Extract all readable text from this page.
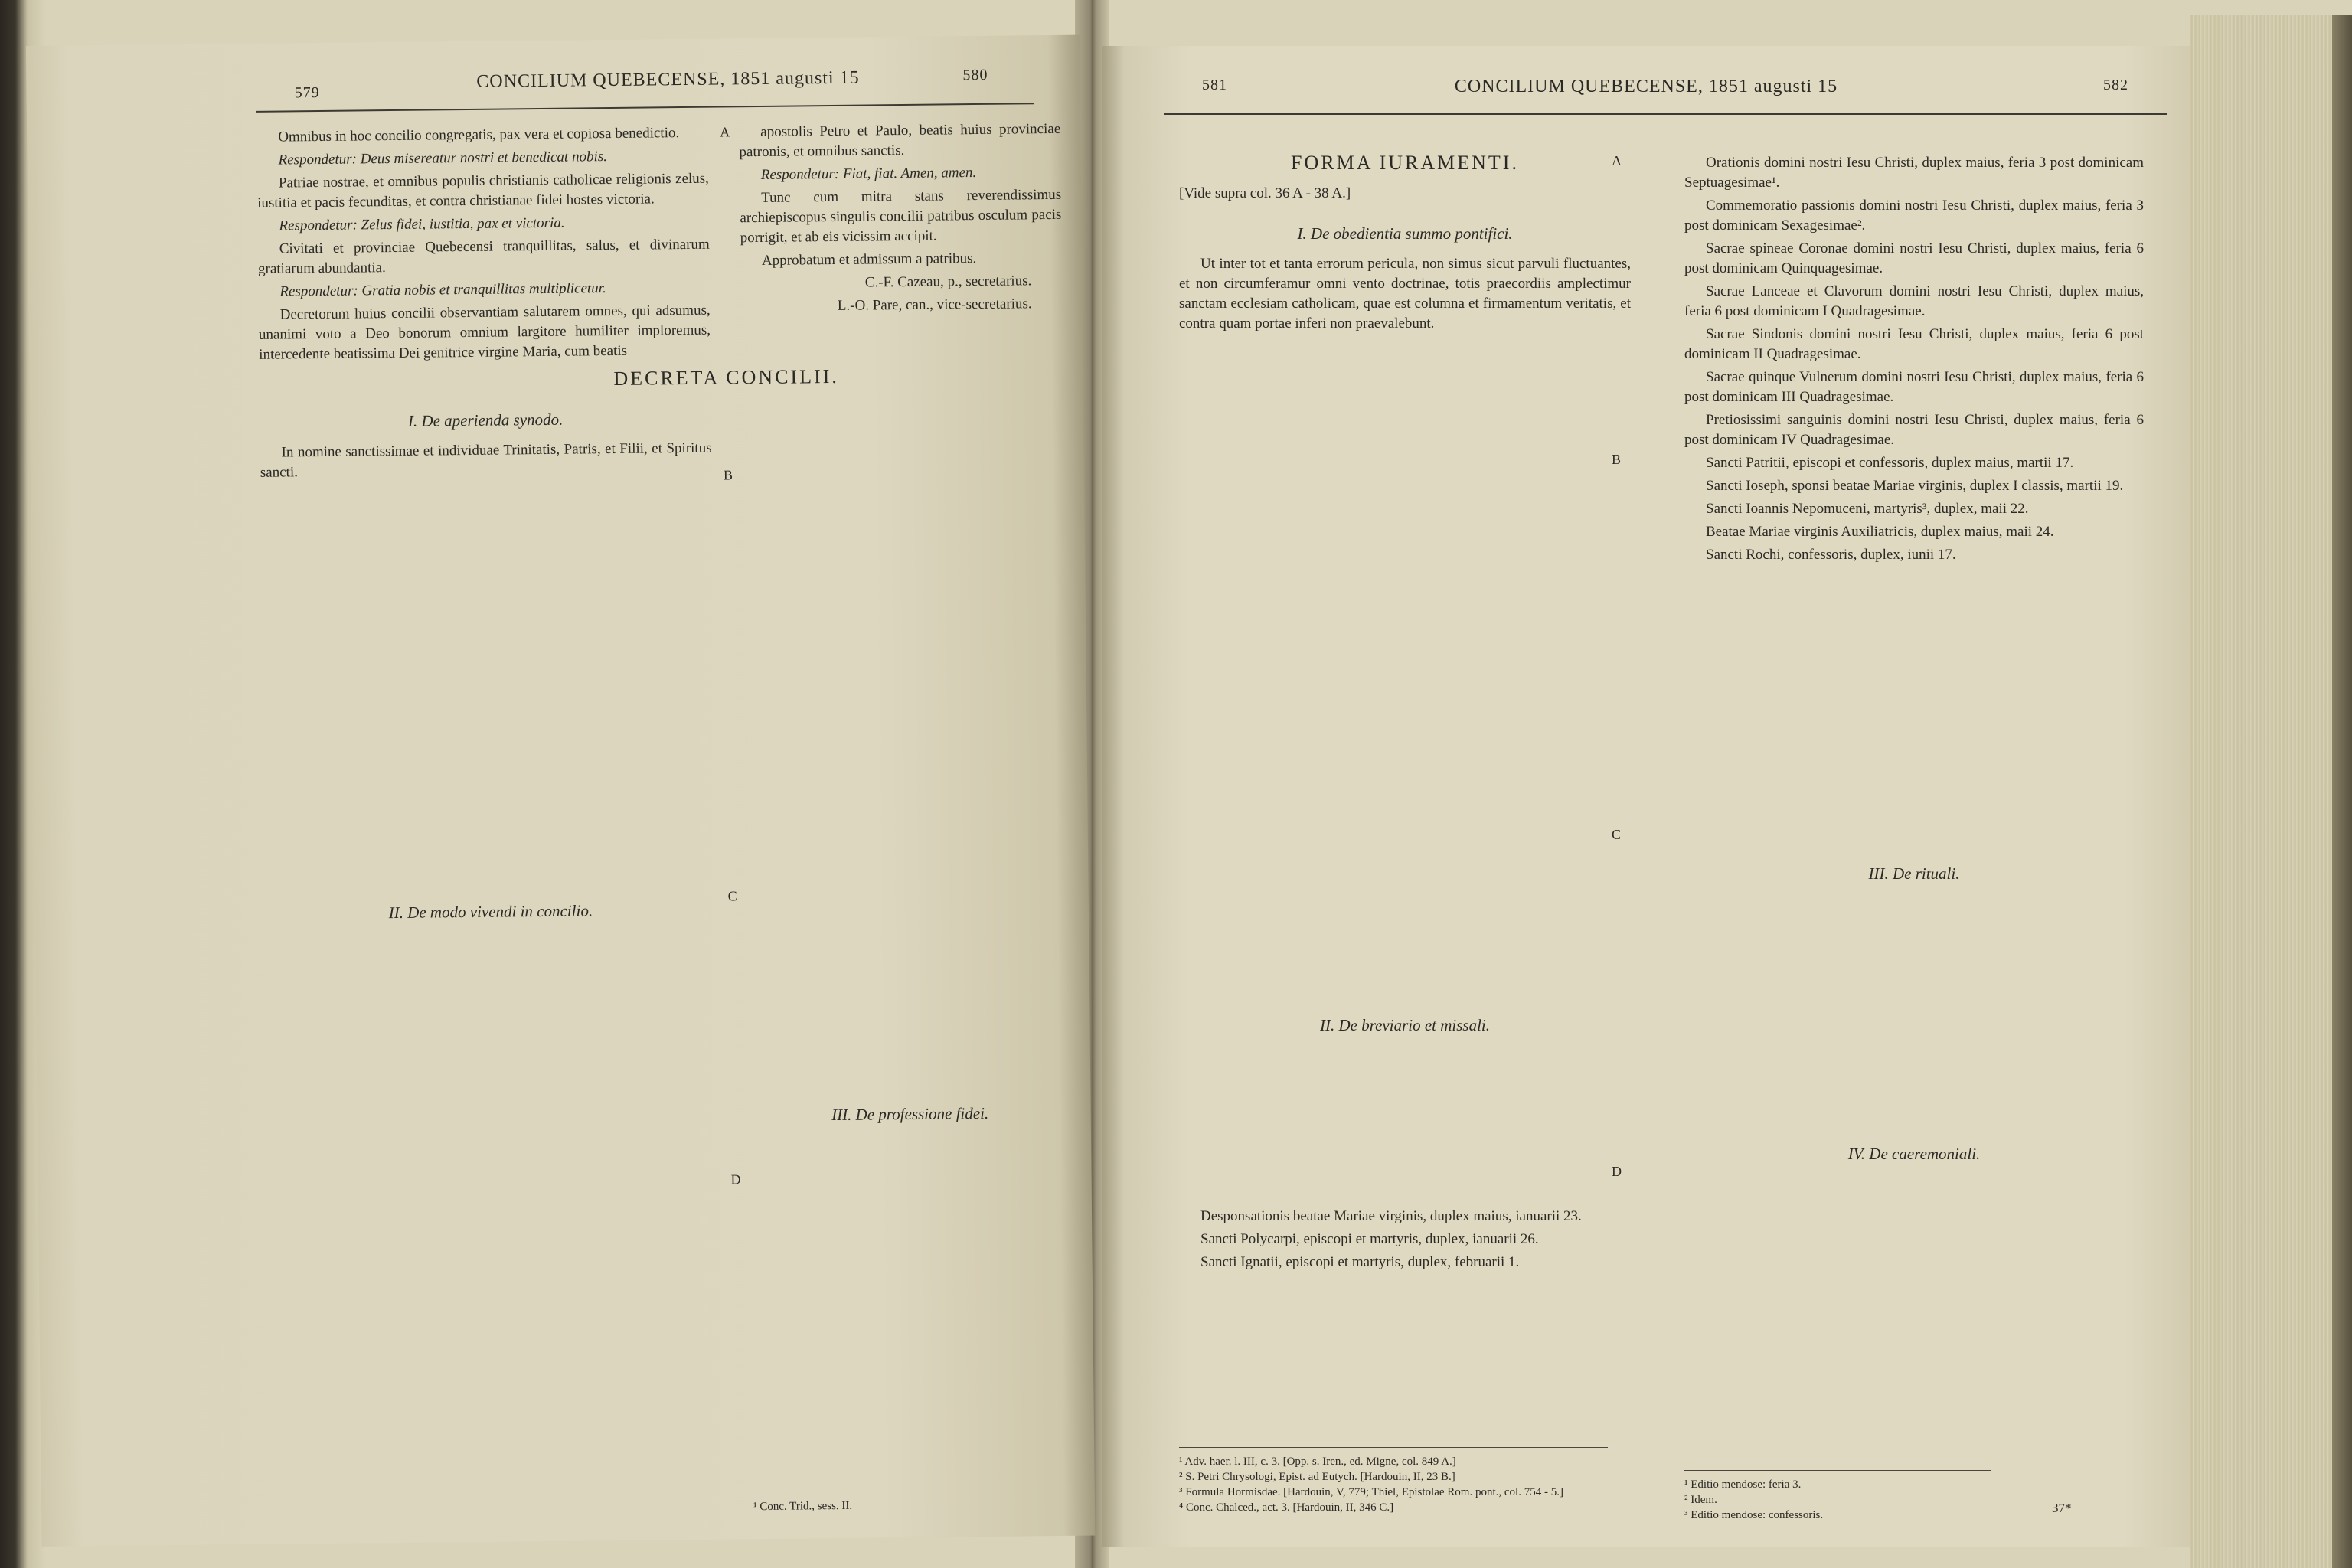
579
CONCILIUM QUEBECENSE, 1851 augusti 15	580

Omnibus in hoc concilio congregatis, pax vera et copiosa benedictio.

Respondetur: Deus misereatur nostri et benedicat nobis.

Patriae nostrae, et omnibus populis christianis catholicae religionis zelus, iustitia et pacis fecunditas, et contra christianae fidei hostes victoria.

Respondetur: Zelus fidei, iustitia, pax et victoria.

Civitati et provinciae Quebecensi tranquillitas, salus, et divinarum gratiarum abundantia.

Respondetur: Gratia nobis et tranquillitas multiplicetur.

Decretorum huius concilii observantiam salutarem omnes, qui adsumus, unanimi voto a Deo bonorum omnium largitore humiliter imploremus, intercedente beatissima Dei genitrice virgine Maria, cum beatis

DECRETA CONCILII.
I. De aperienda synodo.

In nomine sanctissimae et individuae Trinitatis, Patris, et Filii, et Spiritus sancti.

II. De modo vivendi in concilio.

apostolis Petro et Paulo, beatis huius provinciae patronis, et omnibus sanctis.

Respondetur: Fiat, fiat. Amen, amen.

Tunc cum mitra stans reverendissimus archiepiscopus singulis concilii patribus osculum pacis porrigit, et ab eis vicissim accipit.

Approbatum et admissum a patribus.

C.-F. Cazeau, p., secretarius.

L.-O. Pare, can., vice-secretarius.

III. De professione fidei.
¹ Conc. Trid., sess. II.
A
B
C
D
581	CONCILIUM QUEBECENSE, 1851 augusti 15	582
FORMA IURAMENTI.

[Vide supra col. 36 A - 38 A.]

I. De obedientia summo pontifici.

Ut inter tot et tanta errorum pericula, non simus sicut parvuli fluctuantes, et non circumferamur omni vento doctrinae, totis praecordiis amplectimur sanctam ecclesiam catholicam, quae est columna et firmamentum veritatis, et contra quam portae inferi non praevalebunt.

II. De breviario et missali.

Desponsationis beatae Mariae virginis, duplex maius, ianuarii 23.

Sancti Polycarpi, episcopi et martyris, duplex, ianuarii 26.

Sancti Ignatii, episcopi et martyris, duplex, februarii 1.

¹ Adv. haer. l. III, c. 3. [Opp. s. Iren., ed. Migne, col. 849 A.]
² S. Petri Chrysologi, Epist. ad Eutych. [Hardouin, II, 23 B.]
³ Formula Hormisdae. [Hardouin, V, 779; Thiel, Epistolae Rom. pont., col. 754 - 5.]
⁴ Conc. Chalced., act. 3. [Hardouin, II, 346 C.]

Orationis domini nostri Iesu Christi, duplex maius, feria 3 post dominicam Septuagesimae¹.

Commemoratio passionis domini nostri Iesu Christi, duplex maius, feria 3 post dominicam Sexagesimae².

Sacrae spineae Coronae domini nostri Iesu Christi, duplex maius, feria 6 post dominicam Quinquagesimae.

Sacrae Lanceae et Clavorum domini nostri Iesu Christi, duplex maius, feria 6 post dominicam I Quadragesimae.

Sacrae Sindonis domini nostri Iesu Christi, duplex maius, feria 6 post dominicam II Quadragesimae.

Sacrae quinque Vulnerum domini nostri Iesu Christi, duplex maius, feria 6 post dominicam III Quadragesimae.

Pretiosissimi sanguinis domini nostri Iesu Christi, duplex maius, feria 6 post dominicam IV Quadragesimae.

Sancti Patritii, episcopi et confessoris, duplex maius, martii 17.

Sancti Ioseph, sponsi beatae Mariae virginis, duplex I classis, martii 19.

Sancti Ioannis Nepomuceni, martyris³, duplex, maii 22.

Beatae Mariae virginis Auxiliatricis, duplex maius, maii 24.

Sancti Rochi, confessoris, duplex, iunii 17.

III. De rituali.
IV. De caeremoniali.
¹ Editio mendose: feria 3.
² Idem.
³ Editio mendose: confessoris.	37*
A
B
C
D
